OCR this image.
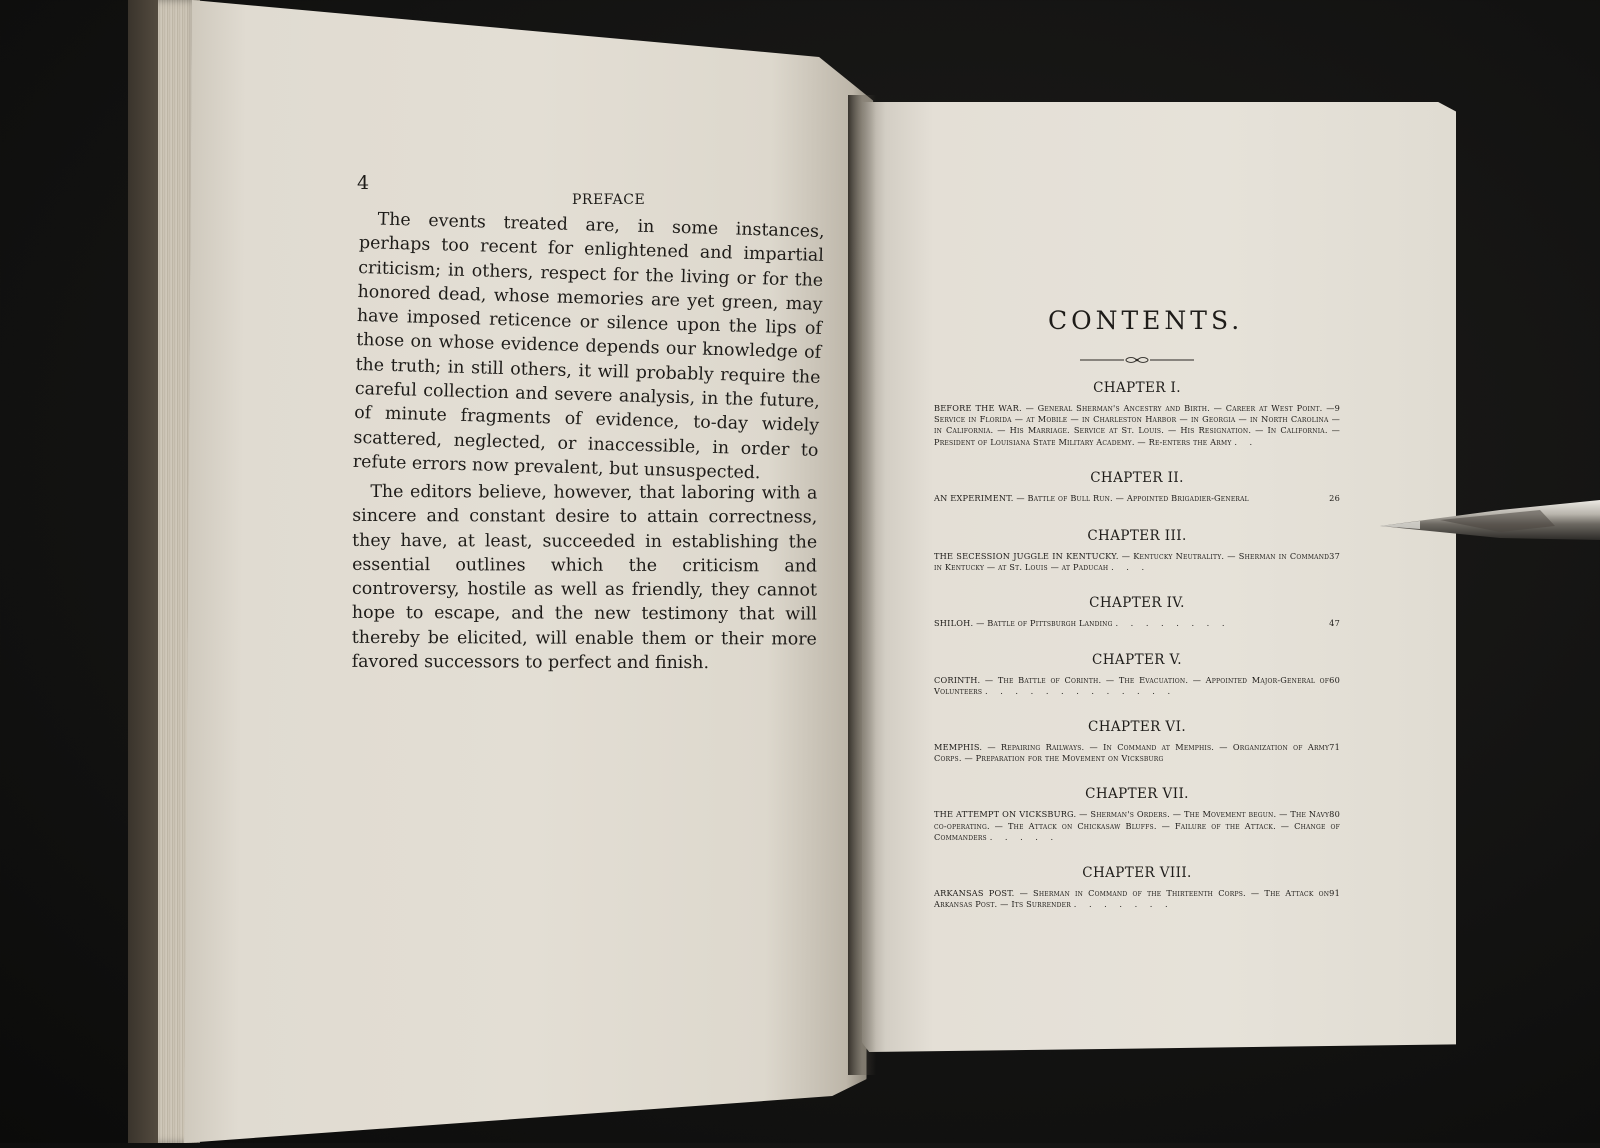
4
PREFACE

The events treated are, in some instances, perhaps too recent for enlightened and impartial criticism; in others, respect for the living or for the honored dead, whose memories are yet green, may have imposed reticence or silence upon the lips of those on whose evidence depends our knowledge of the truth; in still others, it will probably require the careful collection and severe analysis, in the future, of minute fragments of evidence, to-day widely scattered, neglected, or inaccessible, in order to refute errors now prevalent, but unsuspected.

The editors believe, however, that laboring with a sincere and constant desire to attain correctness, they have, at least, succeeded in establishing the essential outlines which the criticism and controversy, hostile as well as friendly, they cannot hope to escape, and the new testimony that will thereby be elicited, will enable them or their more favored successors to perfect and finish.

CONTENTS.
CHAPTER I.
9
BEFORE THE WAR. — General Sherman's Ancestry and Birth. — Career at West Point. — Service in Florida — at Mobile — in Charleston Harbor — in Georgia — in North Carolina — in California. — His Marriage. Service at St. Louis. — His Resignation. — In California. — President of Louisiana State Military Academy. — Re-enters the Army . .
CHAPTER II.
26
AN EXPERIMENT. — Battle of Bull Run. — Appointed Brigadier-General
CHAPTER III.
37
THE SECESSION JUGGLE IN KENTUCKY. — Kentucky Neutrality. — Sherman in Command in Kentucky — at St. Louis — at Paducah . . .
CHAPTER IV.
47
SHILOH. — Battle of Pittsburgh Landing . . . . . . . .
CHAPTER V.
60
CORINTH. — The Battle of Corinth. — The Evacuation. — Appointed Major-General of Volunteers . . . . . . . . . . . . .
CHAPTER VI.
71
MEMPHIS. — Repairing Railways. — In Command at Memphis. — Organization of Army Corps. — Preparation for the Movement on Vicksburg
CHAPTER VII.
80
THE ATTEMPT ON VICKSBURG. — Sherman's Orders. — The Movement begun. — The Navy co-operating. — The Attack on Chickasaw Bluffs. — Failure of the Attack. — Change of Commanders . . . . .
CHAPTER VIII.
91
ARKANSAS POST. — Sherman in Command of the Thirteenth Corps. — The Attack on Arkansas Post. — Its Surrender . . . . . . .
